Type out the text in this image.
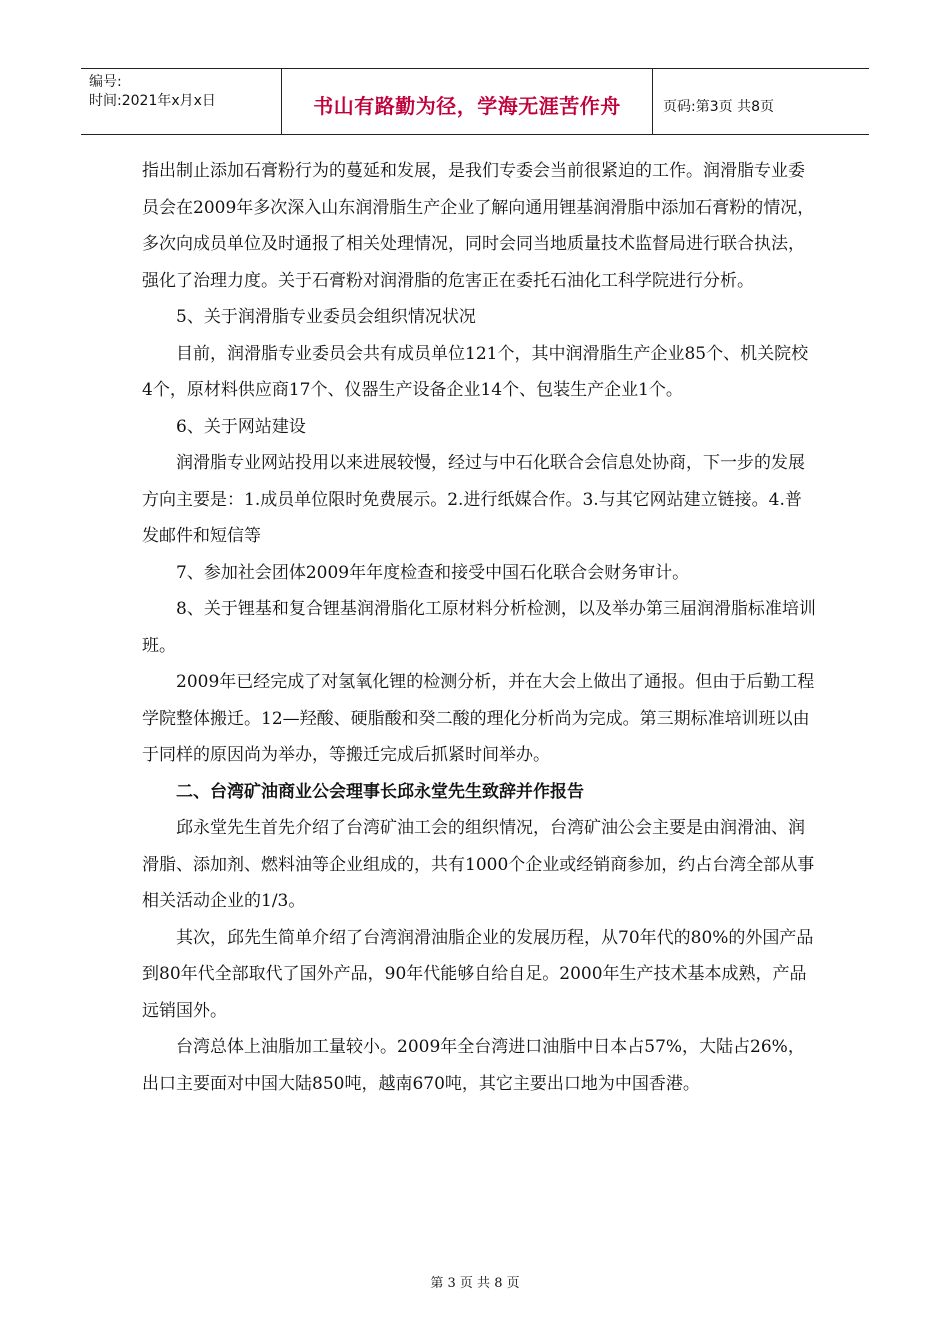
编号:
时间:2021年x月x日	书山有路勤为径，学海无涯苦作舟	页码:第3页 共8页

指出制止添加石膏粉行为的蔓延和发展，是我们专委会当前很紧迫的工作。润滑脂专业委员会在2009年多次深入山东润滑脂生产企业了解向通用锂基润滑脂中添加石膏粉的情况，多次向成员单位及时通报了相关处理情况，同时会同当地质量技术监督局进行联合执法，强化了治理力度。关于石膏粉对润滑脂的危害正在委托石油化工科学院进行分析。

5、关于润滑脂专业委员会组织情况状况

目前，润滑脂专业委员会共有成员单位121个，其中润滑脂生产企业85个、机关院校4个，原材料供应商17个、仪器生产设备企业14个、包装生产企业1个。

6、关于网站建设

润滑脂专业网站投用以来进展较慢，经过与中石化联合会信息处协商，下一步的发展方向主要是：1.成员单位限时免费展示。2.进行纸媒合作。3.与其它网站建立链接。4.普发邮件和短信等

7、参加社会团体2009年年度检查和接受中国石化联合会财务审计。

8、关于锂基和复合锂基润滑脂化工原材料分析检测，以及举办第三届润滑脂标准培训班。

2009年已经完成了对氢氧化锂的检测分析，并在大会上做出了通报。但由于后勤工程学院整体搬迁。12—羟酸、硬脂酸和癸二酸的理化分析尚为完成。第三期标准培训班以由于同样的原因尚为举办，等搬迁完成后抓紧时间举办。

二、台湾矿油商业公会理事长邱永堂先生致辞并作报告

邱永堂先生首先介绍了台湾矿油工会的组织情况，台湾矿油公会主要是由润滑油、润滑脂、添加剂、燃料油等企业组成的，共有1000个企业或经销商参加，约占台湾全部从事相关活动企业的1/3。

其次，邱先生简单介绍了台湾润滑油脂企业的发展历程，从70年代的80%的外国产品到80年代全部取代了国外产品，90年代能够自给自足。2000年生产技术基本成熟，产品远销国外。

台湾总体上油脂加工量较小。2009年全台湾进口油脂中日本占57%，大陆占26%，出口主要面对中国大陆850吨，越南670吨，其它主要出口地为中国香港。

第 3 页 共 8 页
